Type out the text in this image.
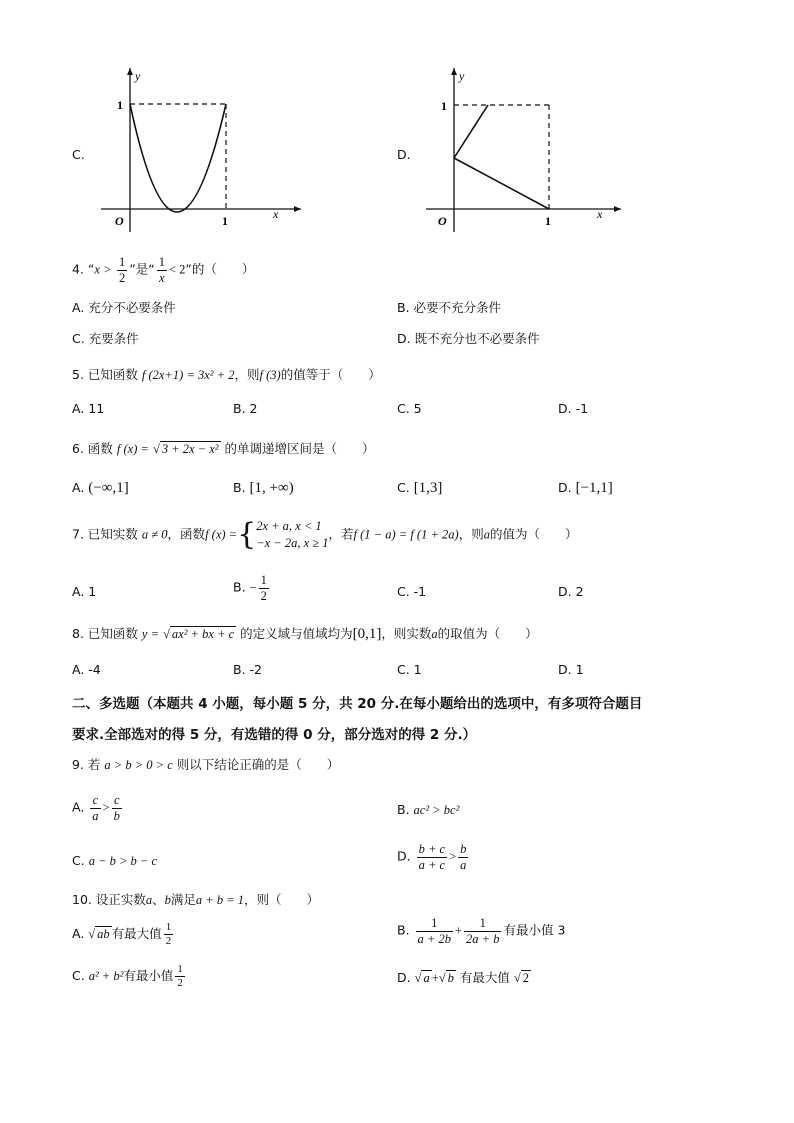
C.
y
1
O	1	x
D.
y
1
O	1	x
4. “$x > \frac{1}{2}$ ”是“ $\frac{1}{x} < 2$”的（　　）
A. 充分不必要条件	B. 必要不充分条件
C. 充要条件	D. 既不充分也不必要条件
5. 已知函数 f (2x+1) = 3x² + 2，则f (3)的值等于（　　）
A. 11	B. 2	C. 5	D. -1
6. 函数 f (x) = √ 3 + 2x − x² 的单调递增区间是（　　）
A. (−∞,1]	B. [1, +∞)	C. [1,3]	D. [−1,1]
7. 已知实数 a ≠ 0，函数f (x) ={ 2x + a, x < 1
−x − 2a, x ≥ 1
，若f (1 − a) = f (1 + 2a)，则a的值为（　　）
A. 1	B. − $\frac{1}{2}$	C. -1	D. 2
8. 已知函数 y = √ ax² + bx + c 的定义域与值域均为[0,1]，则实数a的取值为（　　）
A. -4	B. -2	C. 1	D. 1
二、多选题（本题共 4 小题，每小题 5 分，共 20 分.在每小题给出的选项中，有多项符合题目
要求.全部选对的得 5 分，有选错的得 0 分，部分选对的得 2 分.）
9. 若 a > b > 0 > c 则以下结论正确的是（　　）
A. $\frac{c}{a} > \frac{c}{b}$	B. ac² > bc²
C. a − b > b − c	D. $\frac{b + c}{a + c} > \frac{b}{a}$
10. 设正实数a、b满足a + b = 1，则（　　）
A. √ ab 有最大值 $\frac{1}{2}$	B. $\frac{1}{a + 2b} + \frac{1}{2a + b}$ 有最小值 3
C. a² + b²有最小值 $\frac{1}{2}$	D. √ a +√ b 有最大值 √ 2
